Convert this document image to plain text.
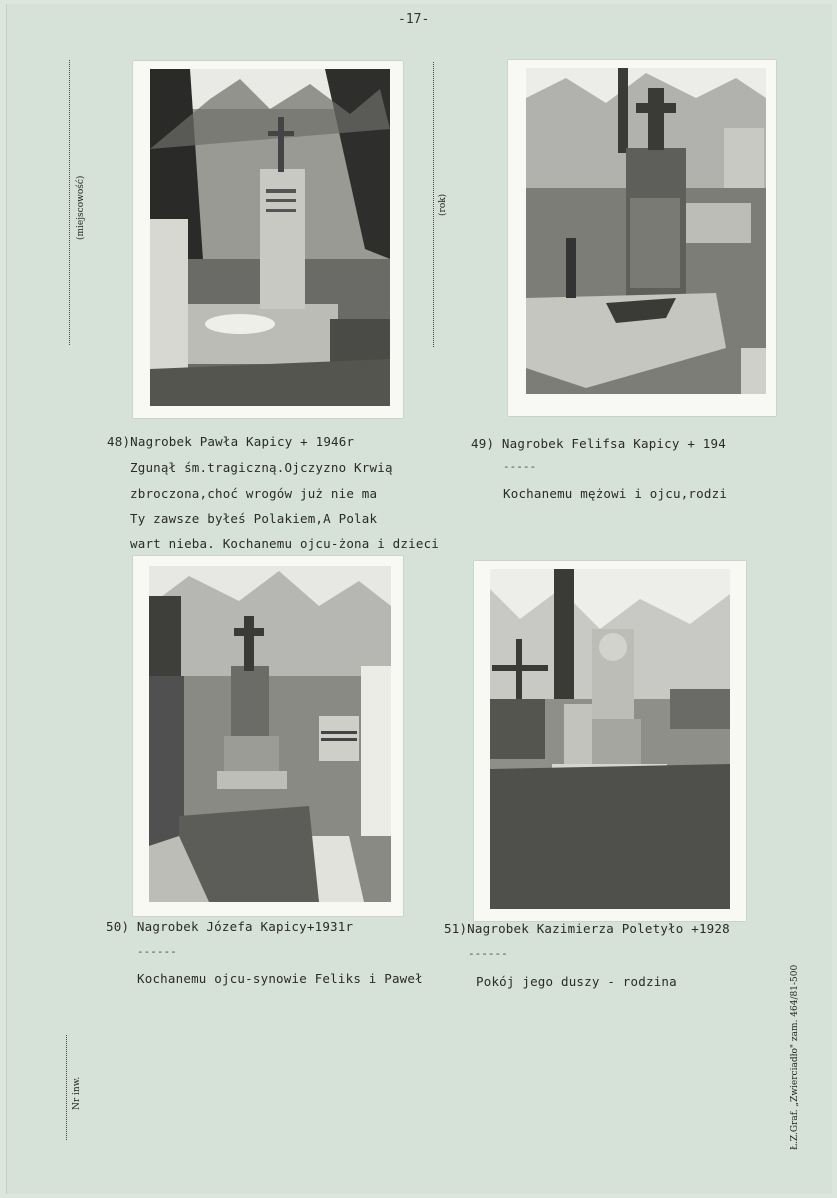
-17-
(miejscowość)	(rok)
Nr inw.	Ł.Z.Graf. „Zwierciadło" zam. 464/81-500
48)Nagrobek Pawła Kapicy + 1946r
Zgunął śm.tragiczną.Ojczyzno Krwią
zbroczona,choć wrogów już nie ma
Ty zawsze byłeś Polakiem,A Polak
wart nieba. Kochanemu ojcu-żona i dzieci
49) Nagrobek Felifsa Kapicy + 194
-----
Kochanemu mężowi i ojcu,rodzi
50) Nagrobek Józefa Kapicy+1931r
------
Kochanemu ojcu-synowie Feliks i Paweł
51)Nagrobek Kazimierza Poletyło +1928
------
Pokój jego duszy - rodzina
